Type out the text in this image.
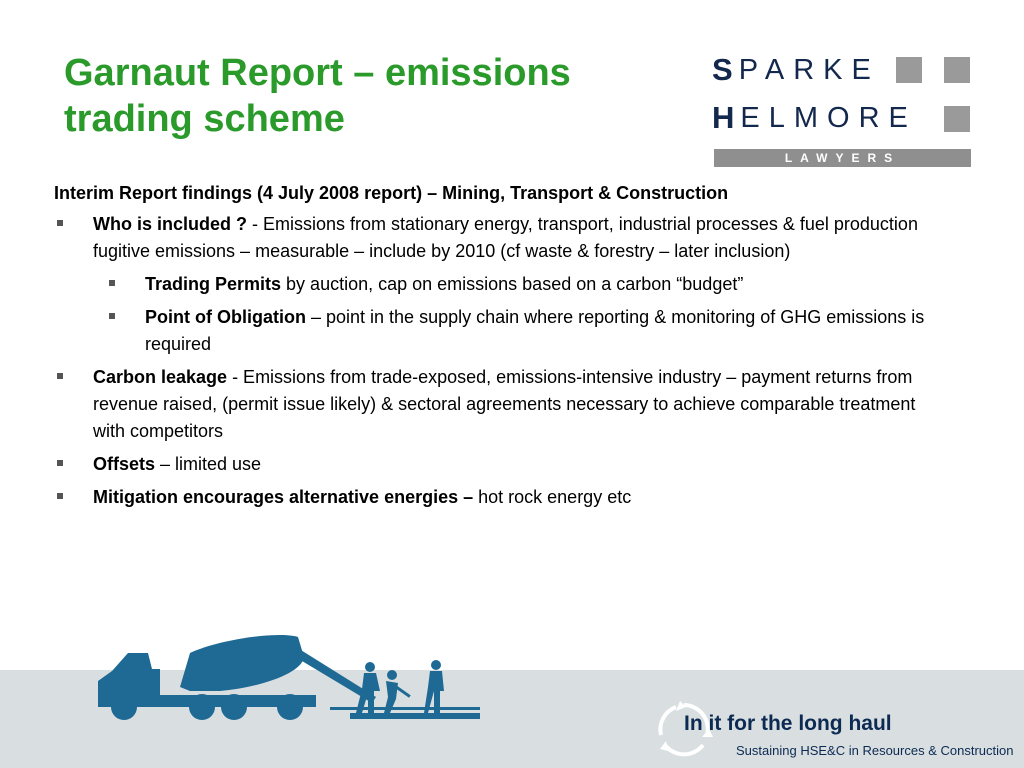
Garnaut Report – emissions trading scheme
S PARKE
H ELMORE
LAWYERS

Interim Report findings (4 July 2008 report) – Mining, Transport & Construction

Who is included ? - Emissions from stationary energy, transport, industrial processes & fuel production fugitive emissions – measurable – include by 2010 (cf waste & forestry – later inclusion)
Trading Permits by auction, cap on emissions based on a carbon “budget”
Point of Obligation – point in the supply chain where reporting & monitoring of GHG emissions is required
Carbon leakage - Emissions from trade-exposed, emissions-intensive industry – payment returns from revenue raised, (permit issue likely) & sectoral agreements necessary to achieve comparable treatment with competitors
Offsets – limited use
Mitigation encourages alternative energies – hot rock energy etc
In it for the long haul
Sustaining HSE&C in Resources & Construction
